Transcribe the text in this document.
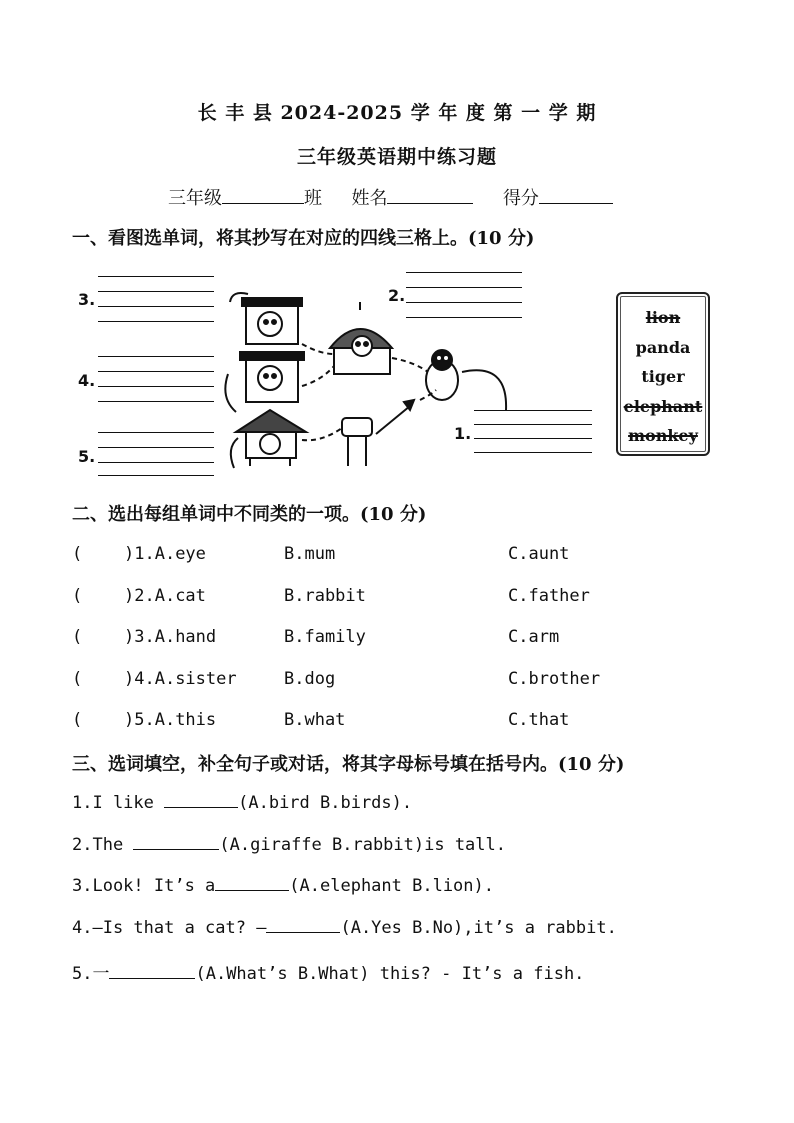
长 丰 县 2024-2025 学 年 度 第 一 学 期
三年级英语期中练习题
三年级	班 姓名	得分
一、看图选单词，将其抄写在对应的四线三格上。(10 分)
1.
2.
3.
4.
5.
lion
panda
tiger
elephant
monkey
二、选出每组单词中不同类的一项。(10 分)
( )1.A.eye	B.mum	C.aunt
( )2.A.cat	B.rabbit	C.father
( )3.A.hand	B.family	C.arm
( )4.A.sister	B.dog	C.brother
( )5.A.this	B.what	C.that
三、选词填空，补全句子或对话，将其字母标号填在括号内。(10 分)
1.I like	(A.bird B.birds).
2.The	(A.giraffe B.rabbit)is tall.
3.Look! It’s a	(A.elephant B.lion).
4.—Is that a cat? —	(A.Yes B.No),it’s a rabbit.
5.一	(A.What’s B.What) this? - It’s a fish.
